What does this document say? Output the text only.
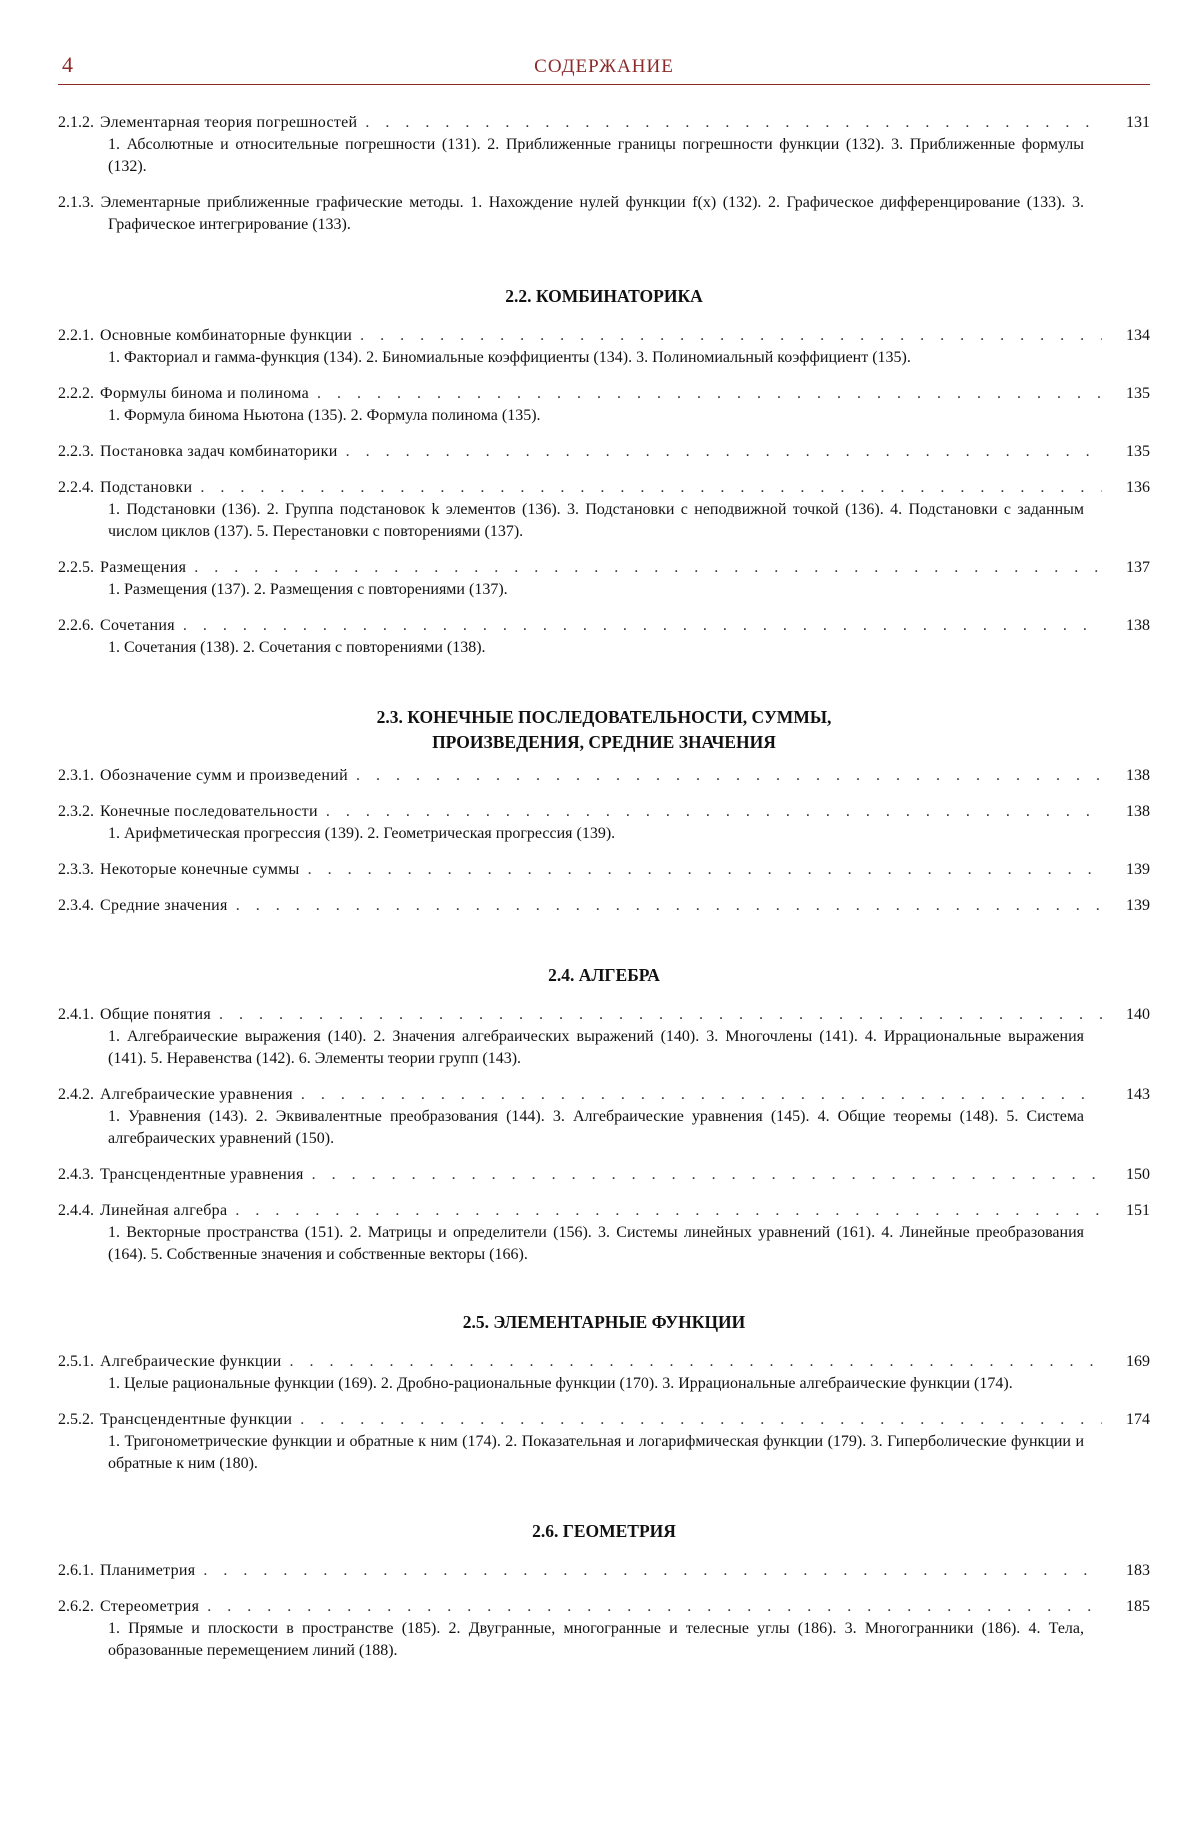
4	СОДЕРЖАНИЕ
2.1.2. Элементарная теория погрешностей . . .	131
1. Абсолютные и относительные погрешности (131). 2. Приближенные границы погрешности функции (132). 3. Приближенные формулы (132).
2.1.3. Элементарные приближенные графические методы. 1. Нахождение нулей функции f(x) (132). 2. Графическое дифференцирование (133). 3. Графическое интегрирование (133).
2.2. КОМБИНАТОРИКА
2.2.1. Основные комбинаторные функции . . .	134
1. Факториал и гамма-функция (134). 2. Биномиальные коэффициенты (134). 3. Полиномиальный коэффициент (135).
2.2.2. Формулы бинома и полинома . . .	135
1. Формула бинома Ньютона (135). 2. Формула полинома (135).
2.2.3. Постановка задач комбинаторики . . .	135
2.2.4. Подстановки . . .	136
1. Подстановки (136). 2. Группа подстановок k элементов (136). 3. Подстановки с неподвижной точкой (136). 4. Подстановки с заданным числом циклов (137). 5. Перестановки с повторениями (137).
2.2.5. Размещения . . .	137
1. Размещения (137). 2. Размещения с повторениями (137).
2.2.6. Сочетания . . .	138
1. Сочетания (138). 2. Сочетания с повторениями (138).
2.3. КОНЕЧНЫЕ ПОСЛЕДОВАТЕЛЬНОСТИ, СУММЫ,
ПРОИЗВЕДЕНИЯ, СРЕДНИЕ ЗНАЧЕНИЯ
2.3.1. Обозначение сумм и произведений . . .	138
2.3.2. Конечные последовательности . . .	138
1. Арифметическая прогрессия (139). 2. Геометрическая прогрессия (139).
2.3.3. Некоторые конечные суммы . . .	139
2.3.4. Средние значения . . .	139
2.4. АЛГЕБРА
2.4.1. Общие понятия . . .	140
1. Алгебраические выражения (140). 2. Значения алгебраических выражений (140). 3. Многочлены (141). 4. Иррациональные выражения (141). 5. Неравенства (142). 6. Элементы теории групп (143).
2.4.2. Алгебраические уравнения . . .	143
1. Уравнения (143). 2. Эквивалентные преобразования (144). 3. Алгебраические уравнения (145). 4. Общие теоремы (148). 5. Система алгебраических уравнений (150).
2.4.3. Трансцендентные уравнения . . .	150
2.4.4. Линейная алгебра . . .	151
1. Векторные пространства (151). 2. Матрицы и определители (156). 3. Системы линейных уравнений (161). 4. Линейные преобразования (164). 5. Собственные значения и собственные векторы (166).
2.5. ЭЛЕМЕНТАРНЫЕ ФУНКЦИИ
2.5.1. Алгебраические функции . . .	169
1. Целые рациональные функции (169). 2. Дробно-рациональные функции (170). 3. Иррациональные алгебраические функции (174).
2.5.2. Трансцендентные функции . . .	174
1. Тригонометрические функции и обратные к ним (174). 2. Показательная и логарифмическая функции (179). 3. Гиперболические функции и обратные к ним (180).
2.6. ГЕОМЕТРИЯ
2.6.1. Планиметрия . . .	183
2.6.2. Стереометрия . . .	185
1. Прямые и плоскости в пространстве (185). 2. Двугранные, многогранные и телесные углы (186). 3. Многогранники (186). 4. Тела, образованные перемещением линий (188).
